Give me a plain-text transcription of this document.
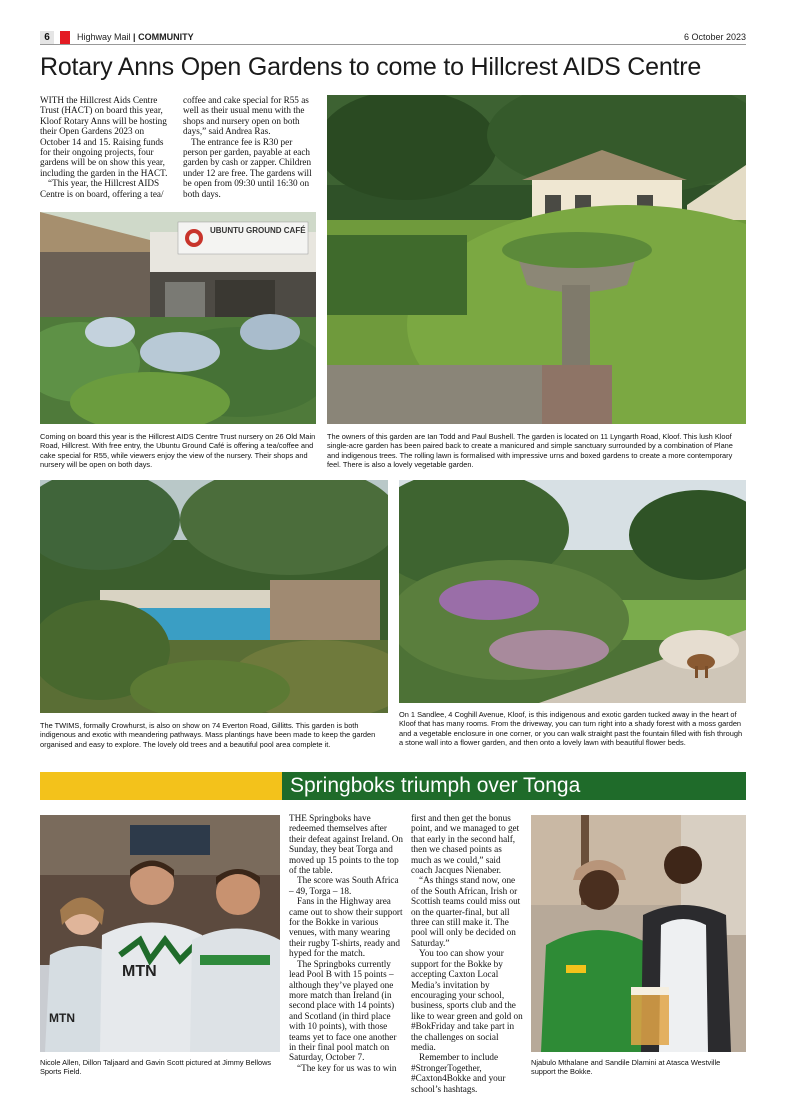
6	Highway Mail | COMMUNITY	6 October 2023
Rotary Anns Open Gardens to come to Hillcrest AIDS Centre

WITH the Hillcrest Aids Centre Trust (HACT) on board this year, Kloof Rotary Anns will be hosting their Open Gardens 2023 on October 14 and 15. Raising funds for their ongoing projects, four gardens will be on show this year, including the garden in the HACT.

“This year, the Hillcrest AIDS Centre is on board, offering a tea/

coffee and cake special for R55 as well as their usual menu with the shops and nursery open on both days,” said Andrea Ras.

The entrance fee is R30 per person per garden, payable at each garden by cash or zapper. Children under 12 are free. The gardens will be open from 09:30 until 16:30 on both days.

UBUNTU GROUND CAFÉ
Coming on board this year is the Hillcrest AIDS Centre Trust nursery on 26 Old Main Road, Hillcrest. With free entry, the Ubuntu Ground Café is offering a tea/coffee and cake special for R55, while viewers enjoy the view of the nursery. Their shops and nursery will be open on both days.
The owners of this garden are Ian Todd and Paul Bushell. The garden is located on 11 Lyngarth Road, Kloof. This lush Kloof single-acre garden has been paired back to create a manicured and simple sanctuary surrounded by a combination of Plane and indigenous trees. The rolling lawn is formalised with impressive urns and boxed gardens to create a more contemporary feel. There is also a lovely vegetable garden.
The TWIMS, formally Crowhurst, is also on show on 74 Everton Road, Gillitts. This garden is both indigenous and exotic with meandering pathways. Mass plantings have been made to keep the garden organised and easy to explore. The lovely old trees and a beautiful pool area complete it.
On 1 Sandlee, 4 Coghill Avenue, Kloof, is this indigenous and exotic garden tucked away in the heart of Kloof that has many rooms. From the driveway, you can turn right into a shady forest with a moss garden and a vegetable enclosure in one corner, or you can walk straight past the fountain filled with fish through a stone wall into a flower garden, and then onto a lovely lawn with beautiful flower beds.
Springboks triumph over Tonga
MTN
MTN

THE Springboks have redeemed themselves after their defeat against Ireland. On Sunday, they beat Torga and moved up 15 points to the top of the table.

The score was South Africa – 49, Torga – 18.

Fans in the Highway area came out to show their support for the Bokke in various venues, with many wearing their rugby T-shirts, ready and hyped for the match.

The Springboks currently lead Pool B with 15 points – although they’ve played one more match than Ireland (in second place with 14 points) and Scotland (in third place with 10 points), with those teams yet to face one another in their final pool match on Saturday, October 7.

“The key for us was to win

first and then get the bonus point, and we managed to get that early in the second half, then we chased points as much as we could,” said coach Jacques Nienaber.

“As things stand now, one of the South African, Irish or Scottish teams could miss out on the quarter-final, but all three can still make it. The pool will only be decided on Saturday.”

You too can show your support for the Bokke by accepting Caxton Local Media’s invitation by encouraging your school, business, sports club and the like to wear green and gold on #BokFriday and take part in the challenges on social media.

Remember to include #StrongerTogether, #Caxton4Bokke and your school’s hashtags.

Nicole Allen, Dillon Taljaard and Gavin Scott pictured at Jimmy Bellows Sports Field.
Njabulo Mthalane and Sandile Dlamini at Atasca Westville support the Bokke.
